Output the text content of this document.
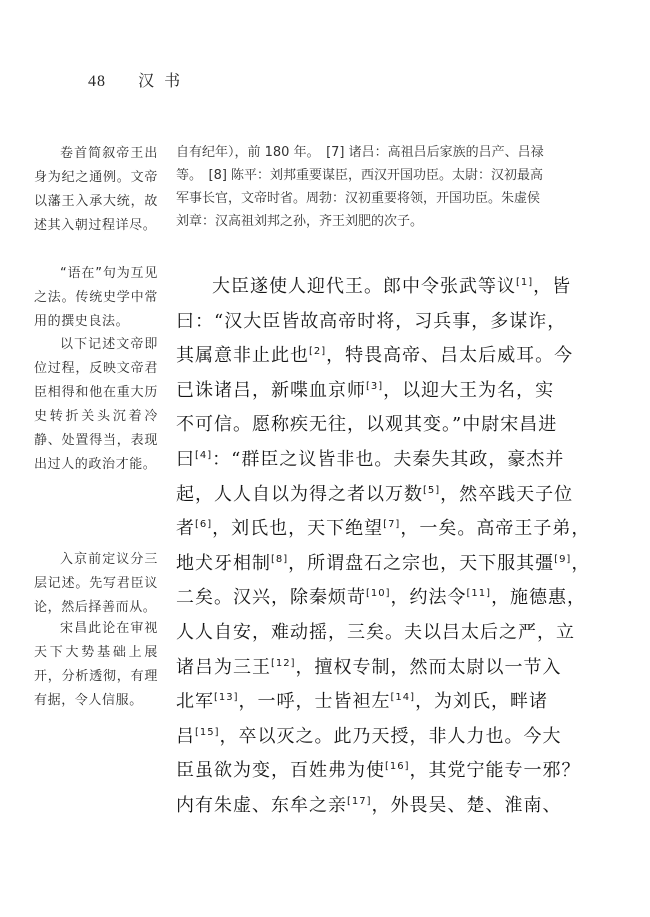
48 汉书
卷首简叙帝王出身为纪之通例。文帝以藩王入承大统，故述其入朝过程详尽。
“语在”句为互见之法。传统史学中常用的撰史良法。
以下记述文帝即位过程，反映文帝君臣相得和他在重大历史转折关头沉着冷静、处置得当，表现出过人的政治才能。
入京前定议分三层记述。先写君臣议论，然后择善而从。
宋昌此论在审视天下大势基础上展开，分析透彻，有理有据，令人信服。
自有纪年），前 180 年。　[7] 诸吕：高祖吕后家族的吕产、吕禄
等。　[8] 陈平：刘邦重要谋臣，西汉开国功臣。太尉：汉初最高
军事长官，文帝时省。周勃：汉初重要将领，开国功臣。朱虚侯
刘章：汉高祖刘邦之孙，齐王刘肥的次子。
大臣遂使人迎代王。郎中令张武等议[1]，皆
曰：“汉大臣皆故高帝时将，习兵事，多谋诈，
其属意非止此也[2]，特畏高帝、吕太后威耳。今
已诛诸吕，新喋血京师[3]，以迎大王为名，实
不可信。愿称疾无往，以观其变。”中尉宋昌进
曰[4]：“群臣之议皆非也。夫秦失其政，豪杰并
起，人人自以为得之者以万数[5]，然卒践天子位
者[6]，刘氏也，天下绝望[7]，一矣。高帝王子弟，
地犬牙相制[8]，所谓盘石之宗也，天下服其彊[9]，
二矣。汉兴，除秦烦苛[10]，约法令[11]，施德惠，
人人自安，难动摇，三矣。夫以吕太后之严，立
诸吕为三王[12]，擅权专制，然而太尉以一节入
北军[13]，一呼，士皆袒左[14]，为刘氏，畔诸
吕[15]，卒以灭之。此乃天授，非人力也。今大
臣虽欲为变，百姓弗为使[16]，其党宁能专一邪？
内有朱虚、东牟之亲[17]，外畏吴、楚、淮南、
